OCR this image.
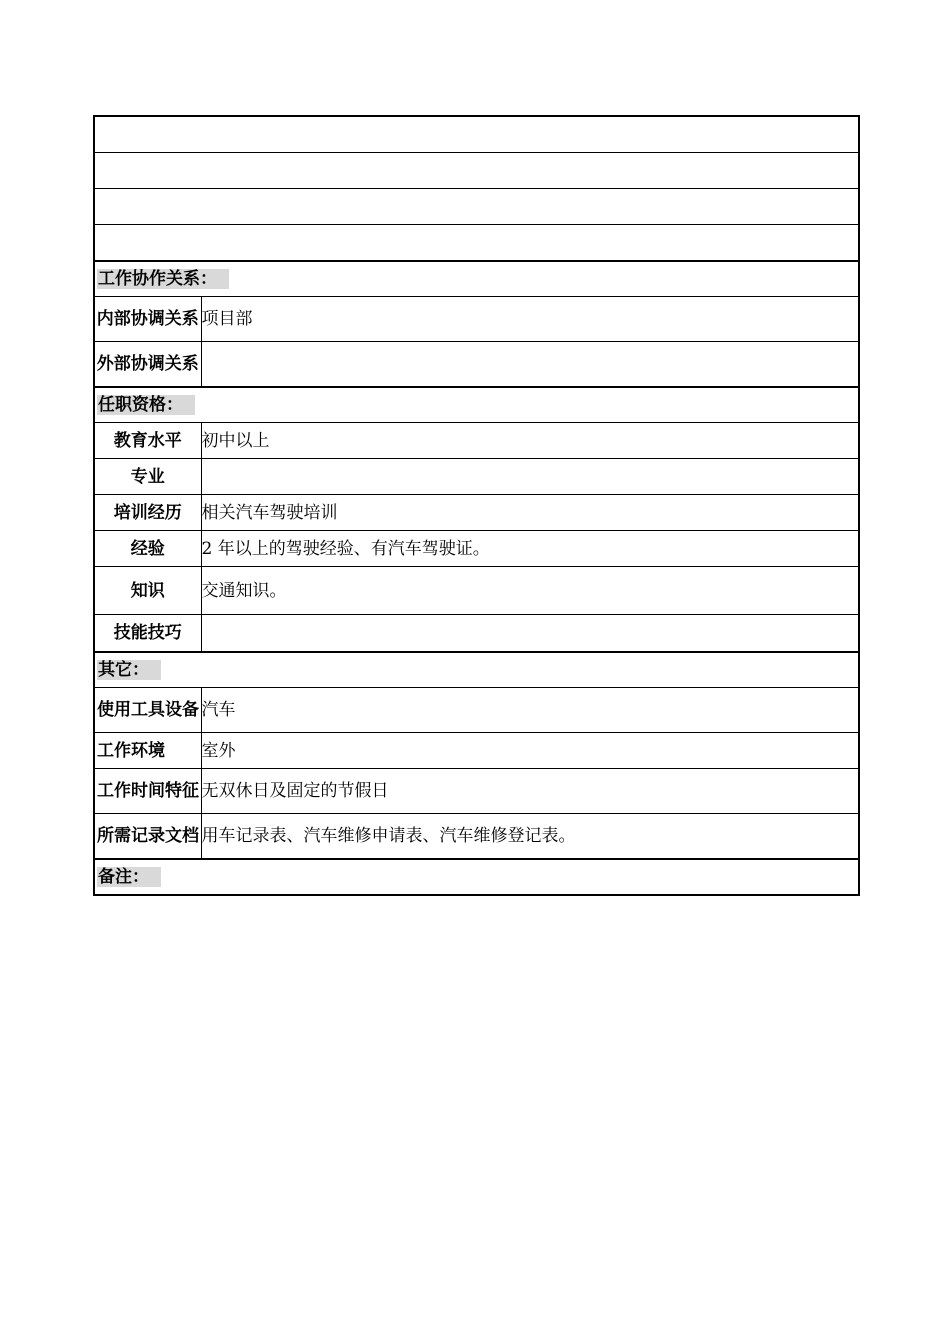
工作协作关系：	
内部协调关系	项目部
外部协调关系	
任职资格：	
教育水平	初中以上
专业	
培训经历	相关汽车驾驶培训
经验	2 年以上的驾驶经验、有汽车驾驶证。
知识	交通知识。
技能技巧	
其它：	
使用工具设备	汽车
工作环境	室外
工作时间特征	无双休日及固定的节假日
所需记录文档	用车记录表、汽车维修申请表、汽车维修登记表。
备注：	
